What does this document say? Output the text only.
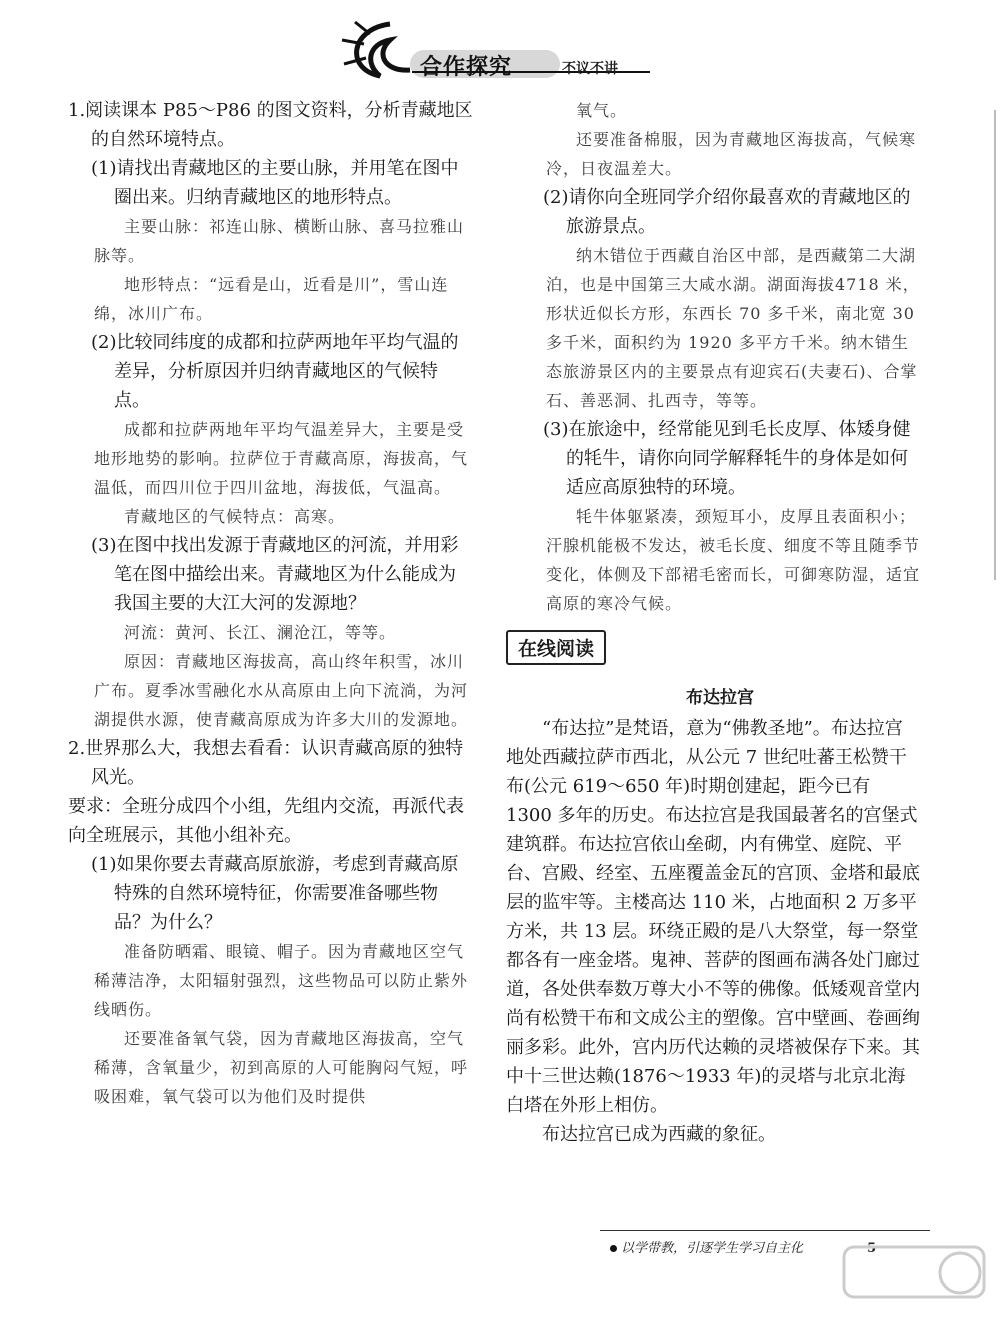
合作探究	不议不讲

1.阅读课本 P85～P86 的图文资料，分析青藏地区的自然环境特点。

(1)请找出青藏地区的主要山脉，并用笔在图中圈出来。归纳青藏地区的地形特点。

主要山脉：祁连山脉、横断山脉、喜马拉雅山脉等。

地形特点：“远看是山，近看是川”，雪山连绵，冰川广布。

(2)比较同纬度的成都和拉萨两地年平均气温的差异，分析原因并归纳青藏地区的气候特点。

成都和拉萨两地年平均气温差异大，主要是受地形地势的影响。拉萨位于青藏高原，海拔高，气温低，而四川位于四川盆地，海拔低，气温高。

青藏地区的气候特点：高寒。

(3)在图中找出发源于青藏地区的河流，并用彩笔在图中描绘出来。青藏地区为什么能成为我国主要的大江大河的发源地？

河流：黄河、长江、澜沧江，等等。

原因：青藏地区海拔高，高山终年积雪，冰川广布。夏季冰雪融化水从高原由上向下流淌，为河湖提供水源，使青藏高原成为许多大川的发源地。

2.世界那么大，我想去看看：认识青藏高原的独特风光。

要求：全班分成四个小组，先组内交流，再派代表向全班展示，其他小组补充。

(1)如果你要去青藏高原旅游，考虑到青藏高原特殊的自然环境特征，你需要准备哪些物品？为什么？

准备防晒霜、眼镜、帽子。因为青藏地区空气稀薄洁净，太阳辐射强烈，这些物品可以防止紫外线晒伤。

还要准备氧气袋，因为青藏地区海拔高，空气稀薄，含氧量少，初到高原的人可能胸闷气短，呼吸困难，氧气袋可以为他们及时提供

氧气。

还要准备棉服，因为青藏地区海拔高，气候寒冷，日夜温差大。

(2)请你向全班同学介绍你最喜欢的青藏地区的旅游景点。

纳木错位于西藏自治区中部，是西藏第二大湖泊，也是中国第三大咸水湖。湖面海拔4718 米，形状近似长方形，东西长 70 多千米，南北宽 30 多千米，面积约为 1920 多平方千米。纳木错生态旅游景区内的主要景点有迎宾石(夫妻石)、合掌石、善恶洞、扎西寺，等等。

(3)在旅途中，经常能见到毛长皮厚、体矮身健的牦牛，请你向同学解释牦牛的身体是如何适应高原独特的环境。

牦牛体躯紧凑，颈短耳小，皮厚且表面积小；汗腺机能极不发达，被毛长度、细度不等且随季节变化，体侧及下部裙毛密而长，可御寒防湿，适宜高原的寒冷气候。

在线阅读
布达拉宫

“布达拉”是梵语，意为“佛教圣地”。布达拉宫地处西藏拉萨市西北，从公元 7 世纪吐蕃王松赞干布(公元 619～650 年)时期创建起，距今已有 1300 多年的历史。布达拉宫是我国最著名的宫堡式建筑群。布达拉宫依山垒砌，内有佛堂、庭院、平台、宫殿、经室、五座覆盖金瓦的宫顶、金塔和最底层的监牢等。主楼高达 110 米，占地面积 2 万多平方米，共 13 层。环绕正殿的是八大祭堂，每一祭堂都各有一座金塔。鬼神、菩萨的图画布满各处门廊过道，各处供奉数万尊大小不等的佛像。低矮观音堂内尚有松赞干布和文成公主的塑像。宫中壁画、卷画绚丽多彩。此外，宫内历代达赖的灵塔被保存下来。其中十三世达赖(1876～1933 年)的灵塔与北京北海白塔在外形上相仿。

布达拉宫已成为西藏的象征。

以学带教，引逐学生学习自主化	5
